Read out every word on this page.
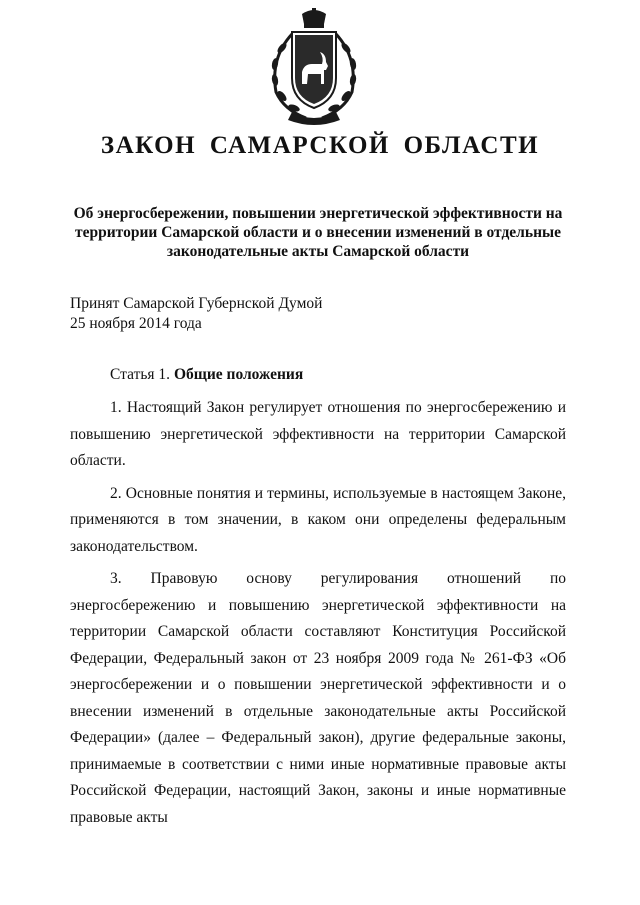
ЗАКОН САМАРСКОЙ ОБЛАСТИ
Об энергосбережении, повышении энергетической эффективности на территории Самарской области и о внесении изменений в отдельные законодательные акты Самарской области
Принят Самарской Губернской Думой
25 ноября 2014 года
Статья 1. Общие положения

1. Настоящий Закон регулирует отношения по энергосбережению и повышению энергетической эффективности на территории Самарской области.

2. Основные понятия и термины, используемые в настоящем Законе, применяются в том значении, в каком они определены федеральным законодательством.

3. Правовую основу регулирования отношений по энергосбережению и повышению энергетической эффективности на территории Самарской области составляют Конституция Российской Федерации, Федеральный закон от 23 ноября 2009 года № 261-ФЗ «Об энергосбережении и о повышении энергетической эффективности и о внесении изменений в отдельные законодательные акты Российской Федерации» (далее – Федеральный закон), другие федеральные законы, принимаемые в соответствии с ними иные нормативные правовые акты Российской Федерации, настоящий Закон, законы и иные нормативные правовые акты
